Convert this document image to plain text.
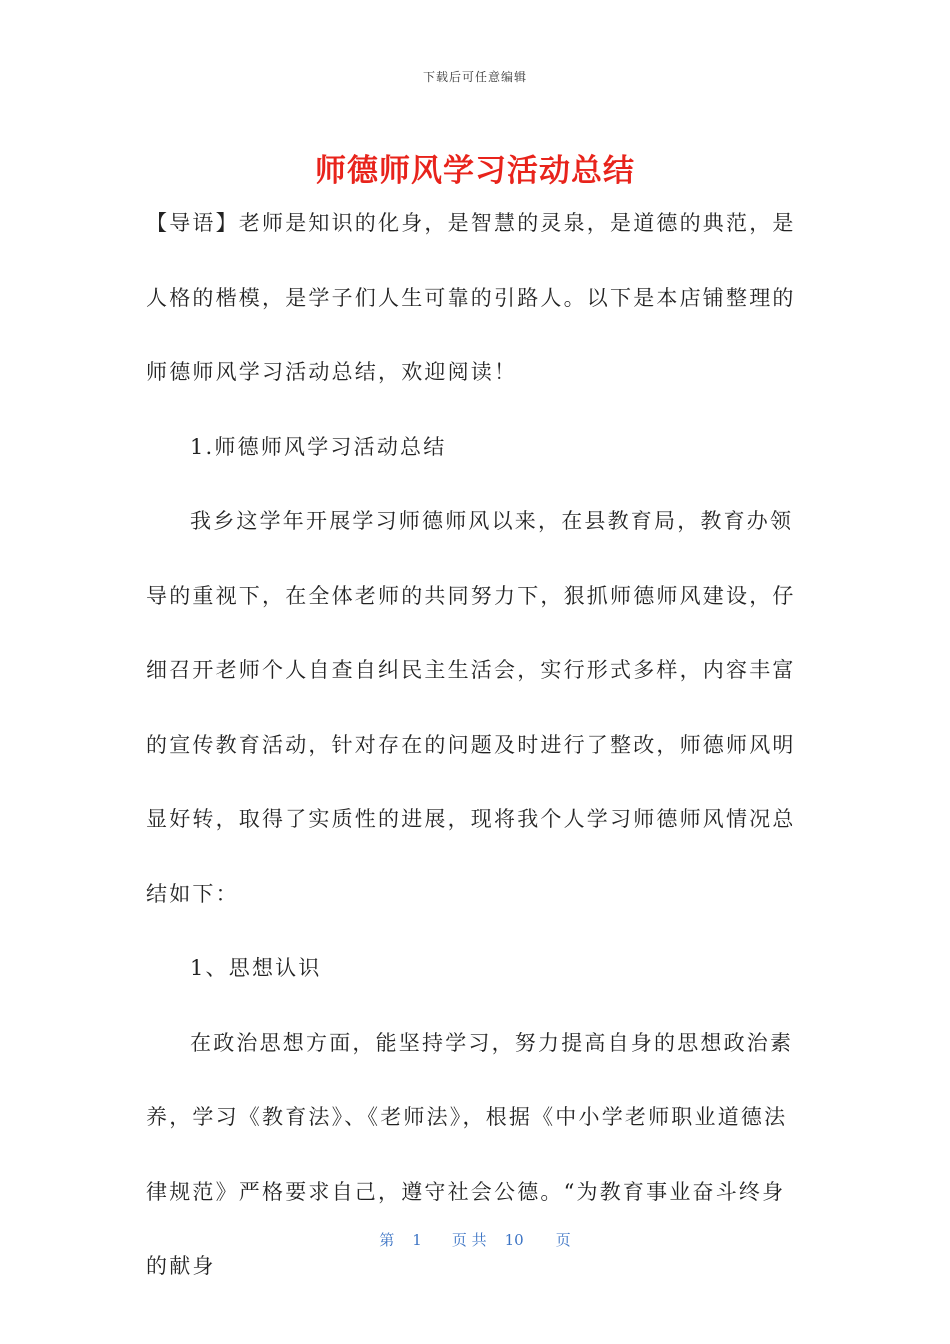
下载后可任意编辑
师德师风学习活动总结

【导语】老师是知识的化身，是智慧的灵泉，是道德的典范，是人格的楷模，是学子们人生可靠的引路人。以下是本店铺整理的师德师风学习活动总结，欢迎阅读！

1.师德师风学习活动总结

我乡这学年开展学习师德师风以来，在县教育局，教育办领导的重视下，在全体老师的共同努力下，狠抓师德师风建设，仔细召开老师个人自查自纠民主生活会，实行形式多样，内容丰富的宣传教育活动，针对存在的问题及时进行了整改，师德师风明显好转，取得了实质性的进展，现将我个人学习师德师风情况总结如下：

1、思想认识

在政治思想方面，能坚持学习，努力提高自身的思想政治素养，学习《教育法》、《老师法》，根据《中小学老师职业道德法律规范》严格要求自己，遵守社会公德。“为教育事业奋斗终身的献身

第 1 页 共 10 页
